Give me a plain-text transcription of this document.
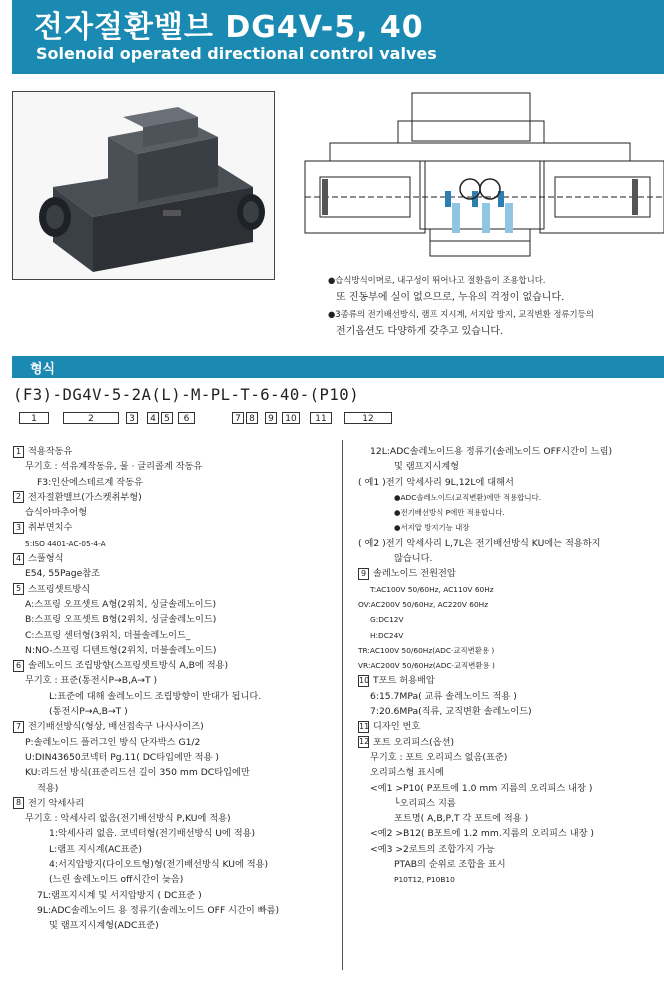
전자절환밸브 DG4V-5, 40
Solenoid operated directional control valves
●습식방식이며로, 내구성이 뛰어나고 절환음이 조용합니다.
또 진동부에 실이 없으므로, 누유의 걱정이 없습니다.
●3종류의 전기배선방식, 램프 지시계, 서지압 방지, 교직변환 정류기등의
전기옵션도 다양하게 갖추고 있습니다.
형식
(F3)-DG4V-5-2A(L)-M-PL-T-6-40-(P10)
1	2	3	4 5	6	7 8	9	10	11	12
1 적용작동유
무기호 : 석유계작동유, 물 · 글리콜계 작동유
F3:인산에스테르계 작동유
2 전자절환밸브(가스켓취부형)
습식아마추어형
3 취부면치수
5:ISO 4401-AC-05-4-A
4 스풀형식
E54, 55Page참조
5 스프링셋트방식
A:스프링 오프셋트 A형(2위치, 싱글솔레노이드)
B:스프링 오프셋트 B형(2위치, 싱글솔레노이드)
C:스프링 센터형(3위치, 더블솔레노이드_
N:NO-스프링 디텐트형(2위치, 더블솔레노이드)
6 솔레노이드 조립방향(스프링셋트방식 A,B에 적용)
무기호 : 표준(통전시P→B,A→T )
L:표준에 대해 솔레노이드 조립방향이 반대가 됩니다.
(통전시P→A,B→T )
7 전기배선방식(형상, 배선접속구 나사사이즈)
P:솔레노이드 플러그인 방식 단자박스 G1/2
U:DIN43650코넥터 Pg.11( DC타입에만 적용 )
KU:리드선 방식(표준리드선 길이 350 mm DC타입에만
적용)
8 전기 악세사리
무기호 : 악세사리 없음(전기배선방식 P,KU에 적용)
1:악세사리 없음. 코넥터형(전기배선방식 U에 적용)
L:램프 지시계(AC표준)
4:서지압방지(다이오트형)형(전기배선방식 KU에 적용)
(느린 솔레노이드 off시간이 늦음)
7L:램프지시계 및 서지압방지 ( DC표준 )
9L:ADC솔레노이드 용 정류기(솔레노이드 OFF 시간이 빠름)
및 램프지시계형(ADC표준)
12L:ADC솔레노이드용 정류기(솔레노이드 OFF시간이 느림)
및 램프지시계형
( 예1 )전기 악세사리 9L,12L에 대해서
●ADC솔레노이드(교직변환)에만 적용합니다.
●전기배선방식 P에만 적용합니다.
●서지압 방지기능 내장
( 예2 )전기 악세사리 L,7L은 전기배선방식 KU에는 적용하지
않습니다.
9 솔레노이드 전원전압
T:AC100V 50/60Hz, AC110V 60Hz
OV:AC200V 50/60Hz, AC220V 60Hz
G:DC12V
H:DC24V
TR:AC100V 50/60Hz(ADC·교직변환용 )
VR:AC200V 50/60Hz(ADC·교직변환용 )
10 T포트 허용배압
6:15.7MPa( 교류 솔레노이드 적용 )
7:20.6MPa(직류, 교직변환 솔레노이드)
11 디자인 번호
12 포트 오리피스(옵션)
무기호 : 포트 오리피스 없음(표준)
오리피스형 표시예
<예1 >P10( P포트에 1.0 mm 지름의 오리피스 내장 )
└오리피스 지름
포트명( A,B,P,T 각 포트에 적용 )
<예2 >B12( B포트에 1.2 mm.지름의 오리피스 내장 )
<예3 >2로트의 조합가지 가능
PTAB의 순위로 조합을 표시
P10T12, P10B10
